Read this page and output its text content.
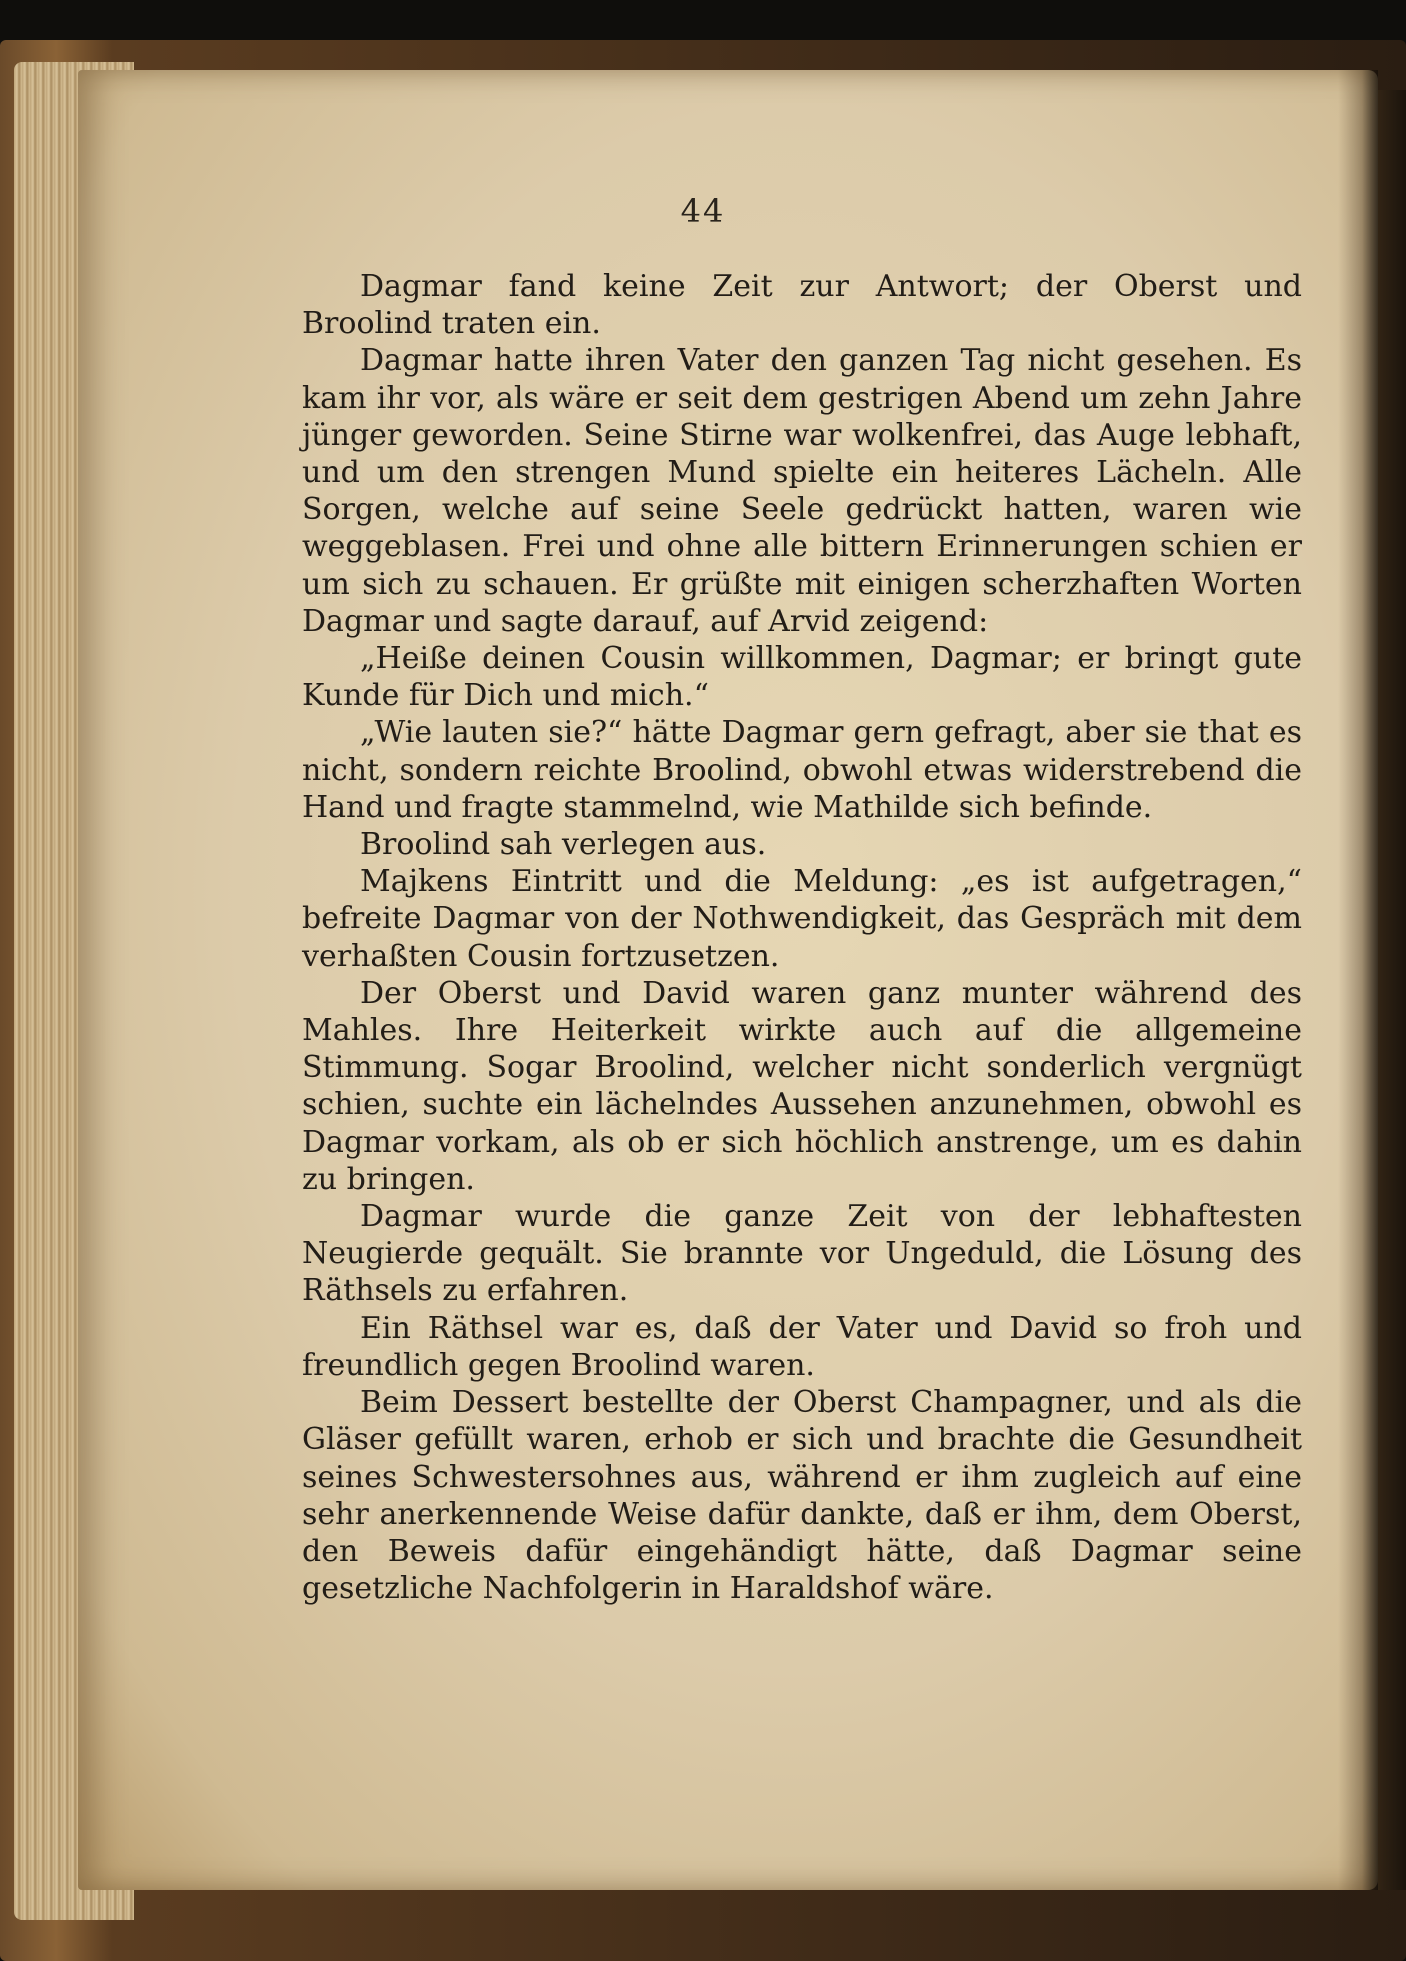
44

Dagmar fand keine Zeit zur Antwort; der Oberst und Broolind traten ein.

Dagmar hatte ihren Vater den ganzen Tag nicht gesehen. Es kam ihr vor, als wäre er seit dem gestrigen Abend um zehn Jahre jünger geworden. Seine Stirne war wolkenfrei, das Auge lebhaft, und um den strengen Mund spielte ein heiteres Lächeln. Alle Sorgen, welche auf seine Seele gedrückt hatten, waren wie weggeblasen. Frei und ohne alle bittern Erinnerungen schien er um sich zu schauen. Er grüßte mit einigen scherzhaften Worten Dagmar und sagte darauf, auf Arvid zeigend:

„Heiße deinen Cousin willkommen, Dagmar; er bringt gute Kunde für Dich und mich.“

„Wie lauten sie?“ hätte Dagmar gern gefragt, aber sie that es nicht, sondern reichte Broolind, obwohl etwas widerstrebend die Hand und fragte stammelnd, wie Mathilde sich befinde.

Broolind sah verlegen aus.

Majkens Eintritt und die Meldung: „es ist aufgetragen,“ befreite Dagmar von der Nothwendigkeit, das Gespräch mit dem verhaßten Cousin fortzusetzen.

Der Oberst und David waren ganz munter während des Mahles. Ihre Heiterkeit wirkte auch auf die allgemeine Stimmung. Sogar Broolind, welcher nicht sonderlich vergnügt schien, suchte ein lächelndes Aussehen anzunehmen, obwohl es Dagmar vorkam, als ob er sich höchlich anstrenge, um es dahin zu bringen.

Dagmar wurde die ganze Zeit von der lebhaftesten Neugierde gequält. Sie brannte vor Ungeduld, die Lösung des Räthsels zu erfahren.

Ein Räthsel war es, daß der Vater und David so froh und freundlich gegen Broolind waren.

Beim Dessert bestellte der Oberst Champagner, und als die Gläser gefüllt waren, erhob er sich und brachte die Gesundheit seines Schwestersohnes aus, während er ihm zugleich auf eine sehr anerkennende Weise dafür dankte, daß er ihm, dem Oberst, den Beweis dafür eingehändigt hätte, daß Dagmar seine gesetzliche Nachfolgerin in Haraldshof wäre.
